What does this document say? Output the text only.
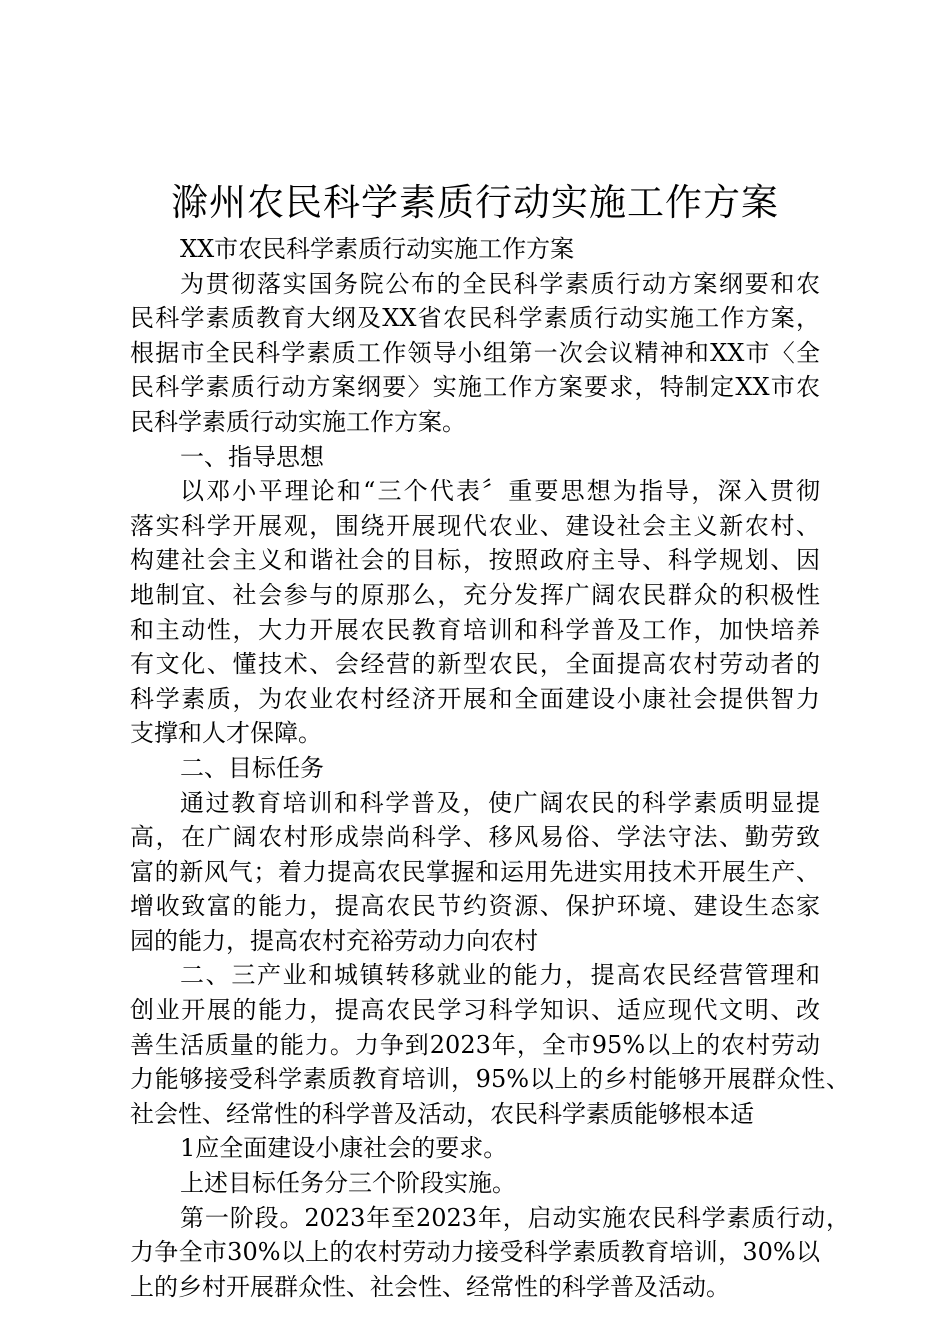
滁州农民科学素质行动实施工作方案
XX市农民科学素质行动实施工作方案
为贯彻落实国务院公布的全民科学素质行动方案纲要和农
民科学素质教育大纲及XX省农民科学素质行动实施工作方案，
根据市全民科学素质工作领导小组第一次会议精神和XX市〈全
民科学素质行动方案纲要〉实施工作方案要求，特制定XX市农
民科学素质行动实施工作方案。
一、指导思想
以邓小平理论和“三个代表〞重要思想为指导，深入贯彻
落实科学开展观，围绕开展现代农业、建设社会主义新农村、
构建社会主义和谐社会的目标，按照政府主导、科学规划、因
地制宜、社会参与的原那么，充分发挥广阔农民群众的积极性
和主动性，大力开展农民教育培训和科学普及工作，加快培养
有文化、懂技术、会经营的新型农民，全面提高农村劳动者的
科学素质，为农业农村经济开展和全面建设小康社会提供智力
支撑和人才保障。
二、目标任务
通过教育培训和科学普及，使广阔农民的科学素质明显提
高，在广阔农村形成崇尚科学、移风易俗、学法守法、勤劳致
富的新风气；着力提高农民掌握和运用先进实用技术开展生产、
增收致富的能力，提高农民节约资源、保护环境、建设生态家
园的能力，提高农村充裕劳动力向农村
二、三产业和城镇转移就业的能力，提高农民经营管理和
创业开展的能力，提高农民学习科学知识、适应现代文明、改
善生活质量的能力。力争到2023年，全市95%以上的农村劳动
力能够接受科学素质教育培训，95%以上的乡村能够开展群众性、
社会性、经常性的科学普及活动，农民科学素质能够根本适
1应全面建设小康社会的要求。
上述目标任务分三个阶段实施。
第一阶段。2023年至2023年，启动实施农民科学素质行动，
力争全市30%以上的农村劳动力接受科学素质教育培训，30%以
上的乡村开展群众性、社会性、经常性的科学普及活动。
